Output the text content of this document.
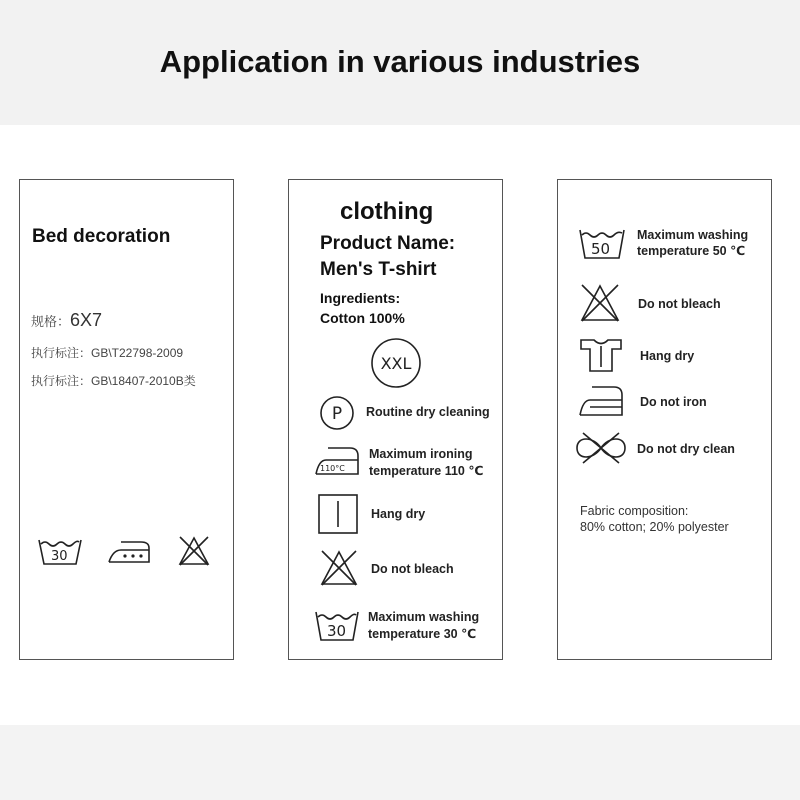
Application in various industries
Bed decoration
规格：6X7
执行标注：GB\T22798-2009
执行标注：GB\18407-2010B类
30
clothing
Product Name:
Men's T-shirt
Ingredients:
Cotton 100%
XXL
P Routine dry cleaning
110°C
Maximum ironing
temperature 110 ℃
Hang dry
Do not bleach
30
Maximum washing
temperature 30 ℃
50
Maximum washing
temperature 50 ℃
Do not bleach
Hang dry
Do not iron
Do not dry clean
Fabric composition:
80% cotton; 20% polyester
